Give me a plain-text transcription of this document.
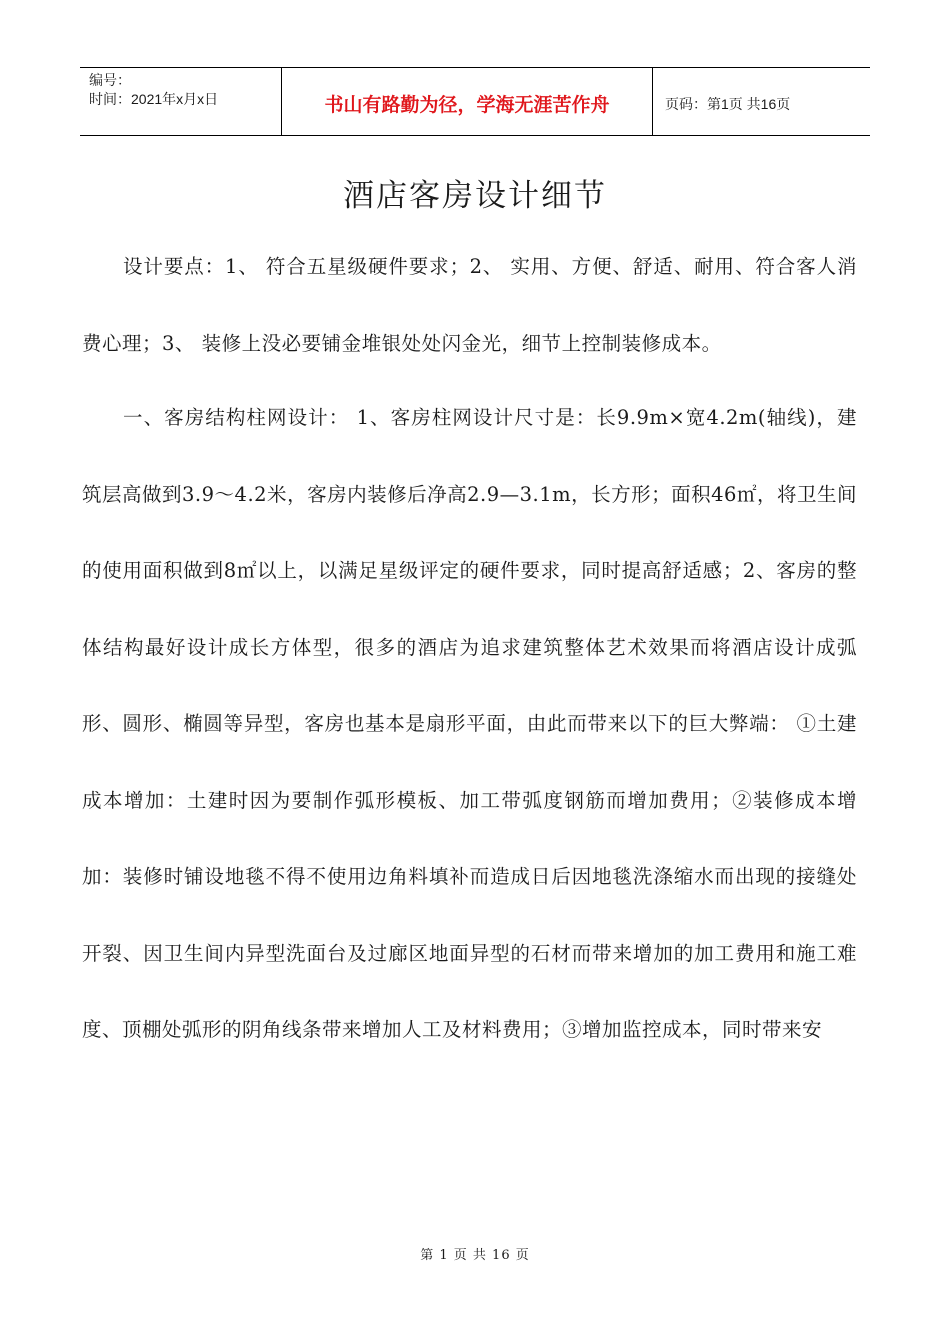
编号：
时间：2021年x月x日	书山有路勤为径，学海无涯苦作舟	页码：第1页 共16页
酒店客房设计细节

设计要点：1、 符合五星级硬件要求；2、 实用、方便、舒适、耐用、符合客人消费心理；3、 装修上没必要铺金堆银处处闪金光，细节上控制装修成本。

一、客房结构柱网设计： 1、客房柱网设计尺寸是：长9.9m×宽4.2m(轴线)，建筑层高做到3.9～4.2米，客房内装修后净高2.9—3.1m，长方形；面积46㎡，将卫生间的使用面积做到8㎡以上，以满足星级评定的硬件要求，同时提高舒适感；2、客房的整体结构最好设计成长方体型，很多的酒店为追求建筑整体艺术效果而将酒店设计成弧形、圆形、椭圆等异型，客房也基本是扇形平面，由此而带来以下的巨大弊端： ①土建成本增加：土建时因为要制作弧形模板、加工带弧度钢筋而增加费用；②装修成本增加：装修时铺设地毯不得不使用边角料填补而造成日后因地毯洗涤缩水而出现的接缝处开裂、因卫生间内异型洗面台及过廊区地面异型的石材而带来增加的加工费用和施工难度、顶棚处弧形的阴角线条带来增加人工及材料费用；③增加监控成本，同时带来安

第 1 页 共 16 页
